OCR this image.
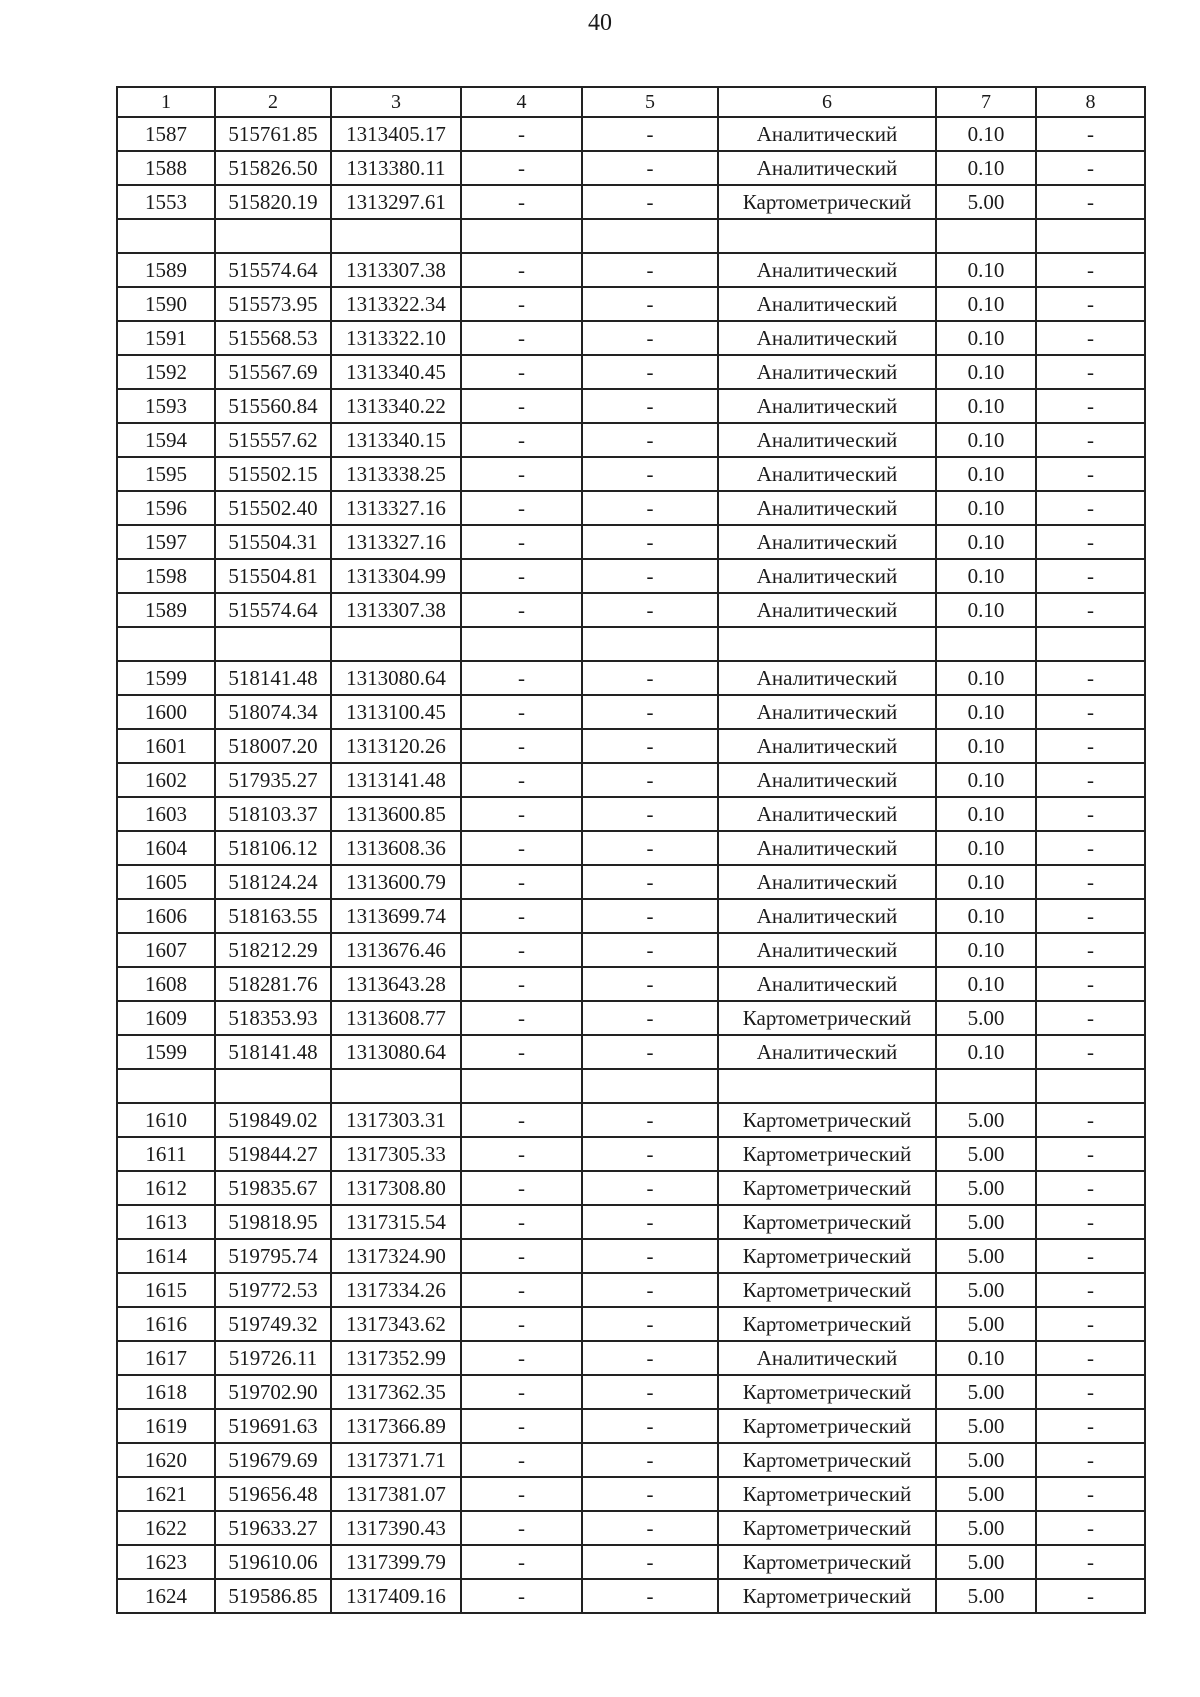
40
1	2	3	4	5	6	7	8
1587	515761.85	1313405.17	-	-	Аналитический	0.10	-
1588	515826.50	1313380.11	-	-	Аналитический	0.10	-
1553	515820.19	1313297.61	-	-	Картометрический	5.00	-

1589	515574.64	1313307.38	-	-	Аналитический	0.10	-
1590	515573.95	1313322.34	-	-	Аналитический	0.10	-
1591	515568.53	1313322.10	-	-	Аналитический	0.10	-
1592	515567.69	1313340.45	-	-	Аналитический	0.10	-
1593	515560.84	1313340.22	-	-	Аналитический	0.10	-
1594	515557.62	1313340.15	-	-	Аналитический	0.10	-
1595	515502.15	1313338.25	-	-	Аналитический	0.10	-
1596	515502.40	1313327.16	-	-	Аналитический	0.10	-
1597	515504.31	1313327.16	-	-	Аналитический	0.10	-
1598	515504.81	1313304.99	-	-	Аналитический	0.10	-
1589	515574.64	1313307.38	-	-	Аналитический	0.10	-

1599	518141.48	1313080.64	-	-	Аналитический	0.10	-
1600	518074.34	1313100.45	-	-	Аналитический	0.10	-
1601	518007.20	1313120.26	-	-	Аналитический	0.10	-
1602	517935.27	1313141.48	-	-	Аналитический	0.10	-
1603	518103.37	1313600.85	-	-	Аналитический	0.10	-
1604	518106.12	1313608.36	-	-	Аналитический	0.10	-
1605	518124.24	1313600.79	-	-	Аналитический	0.10	-
1606	518163.55	1313699.74	-	-	Аналитический	0.10	-
1607	518212.29	1313676.46	-	-	Аналитический	0.10	-
1608	518281.76	1313643.28	-	-	Аналитический	0.10	-
1609	518353.93	1313608.77	-	-	Картометрический	5.00	-
1599	518141.48	1313080.64	-	-	Аналитический	0.10	-

1610	519849.02	1317303.31	-	-	Картометрический	5.00	-
1611	519844.27	1317305.33	-	-	Картометрический	5.00	-
1612	519835.67	1317308.80	-	-	Картометрический	5.00	-
1613	519818.95	1317315.54	-	-	Картометрический	5.00	-
1614	519795.74	1317324.90	-	-	Картометрический	5.00	-
1615	519772.53	1317334.26	-	-	Картометрический	5.00	-
1616	519749.32	1317343.62	-	-	Картометрический	5.00	-
1617	519726.11	1317352.99	-	-	Аналитический	0.10	-
1618	519702.90	1317362.35	-	-	Картометрический	5.00	-
1619	519691.63	1317366.89	-	-	Картометрический	5.00	-
1620	519679.69	1317371.71	-	-	Картометрический	5.00	-
1621	519656.48	1317381.07	-	-	Картометрический	5.00	-
1622	519633.27	1317390.43	-	-	Картометрический	5.00	-
1623	519610.06	1317399.79	-	-	Картометрический	5.00	-
1624	519586.85	1317409.16	-	-	Картометрический	5.00	-
